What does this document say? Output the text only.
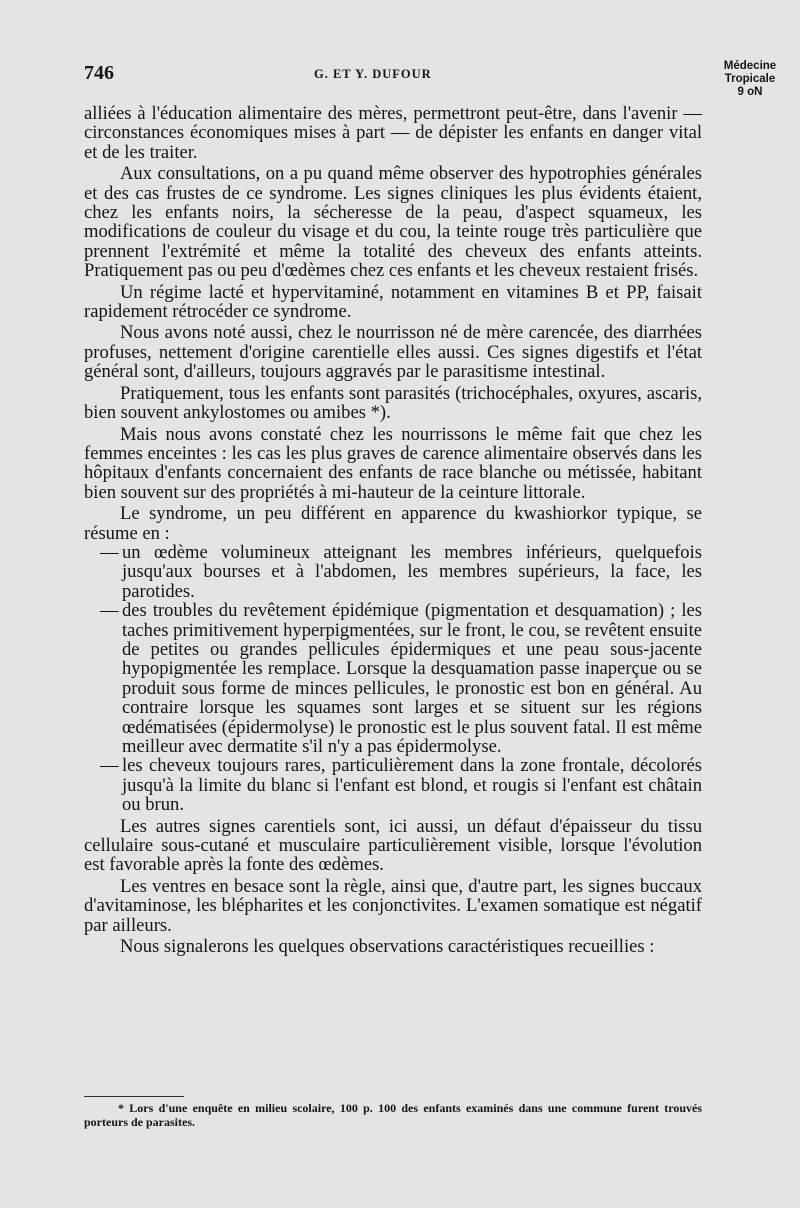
746	G. ET Y. DUFOUR
Médecine
Tropicale
9 oN

alliées à l'éducation alimentaire des mères, permettront peut-être, dans l'avenir — circonstances économiques mises à part — de dépister les enfants en danger vital et de les traiter.

Aux consultations, on a pu quand même observer des hypotrophies générales et des cas frustes de ce syndrome. Les signes cliniques les plus évidents étaient, chez les enfants noirs, la sécheresse de la peau, d'aspect squameux, les modifications de couleur du visage et du cou, la teinte rouge très particulière que prennent l'extrémité et même la totalité des cheveux des enfants atteints. Pratiquement pas ou peu d'œdèmes chez ces enfants et les cheveux restaient frisés.

Un régime lacté et hypervitaminé, notamment en vitamines B et PP, faisait rapidement rétrocéder ce syndrome.

Nous avons noté aussi, chez le nourrisson né de mère carencée, des diarrhées profuses, nettement d'origine carentielle elles aussi. Ces signes digestifs et l'état général sont, d'ailleurs, toujours aggravés par le parasitisme intestinal.

Pratiquement, tous les enfants sont parasités (trichocéphales, oxyures, ascaris, bien souvent ankylostomes ou amibes *).

Mais nous avons constaté chez les nourrissons le même fait que chez les femmes enceintes : les cas les plus graves de carence alimentaire observés dans les hôpitaux d'enfants concernaient des enfants de race blanche ou métissée, habitant bien souvent sur des propriétés à mi-hauteur de la ceinture littorale.

Le syndrome, un peu différent en apparence du kwashiorkor typique, se résume en :

— un œdème volumineux atteignant les membres inférieurs, quelquefois jusqu'aux bourses et à l'abdomen, les membres supérieurs, la face, les parotides.

— des troubles du revêtement épidémique (pigmentation et desquamation) ; les taches primitivement hyperpigmentées, sur le front, le cou, se revêtent ensuite de petites ou grandes pellicules épidermiques et une peau sous-jacente hypopigmentée les remplace. Lorsque la desquamation passe inaperçue ou se produit sous forme de minces pellicules, le pronostic est bon en général. Au contraire lorsque les squames sont larges et se situent sur les régions œdématisées (épidermolyse) le pronostic est le plus souvent fatal. Il est même meilleur avec dermatite s'il n'y a pas épidermolyse.

— les cheveux toujours rares, particulièrement dans la zone frontale, décolorés jusqu'à la limite du blanc si l'enfant est blond, et rougis si l'enfant est châtain ou brun.

Les autres signes carentiels sont, ici aussi, un défaut d'épaisseur du tissu cellulaire sous-cutané et musculaire particulièrement visible, lorsque l'évolution est favorable après la fonte des œdèmes.

Les ventres en besace sont la règle, ainsi que, d'autre part, les signes buccaux d'avitaminose, les blépharites et les conjonctivites. L'examen somatique est négatif par ailleurs.

Nous signalerons les quelques observations caractéristiques recueillies :

* Lors d'une enquête en milieu scolaire, 100 p. 100 des enfants examinés dans une commune furent trouvés porteurs de parasites.
